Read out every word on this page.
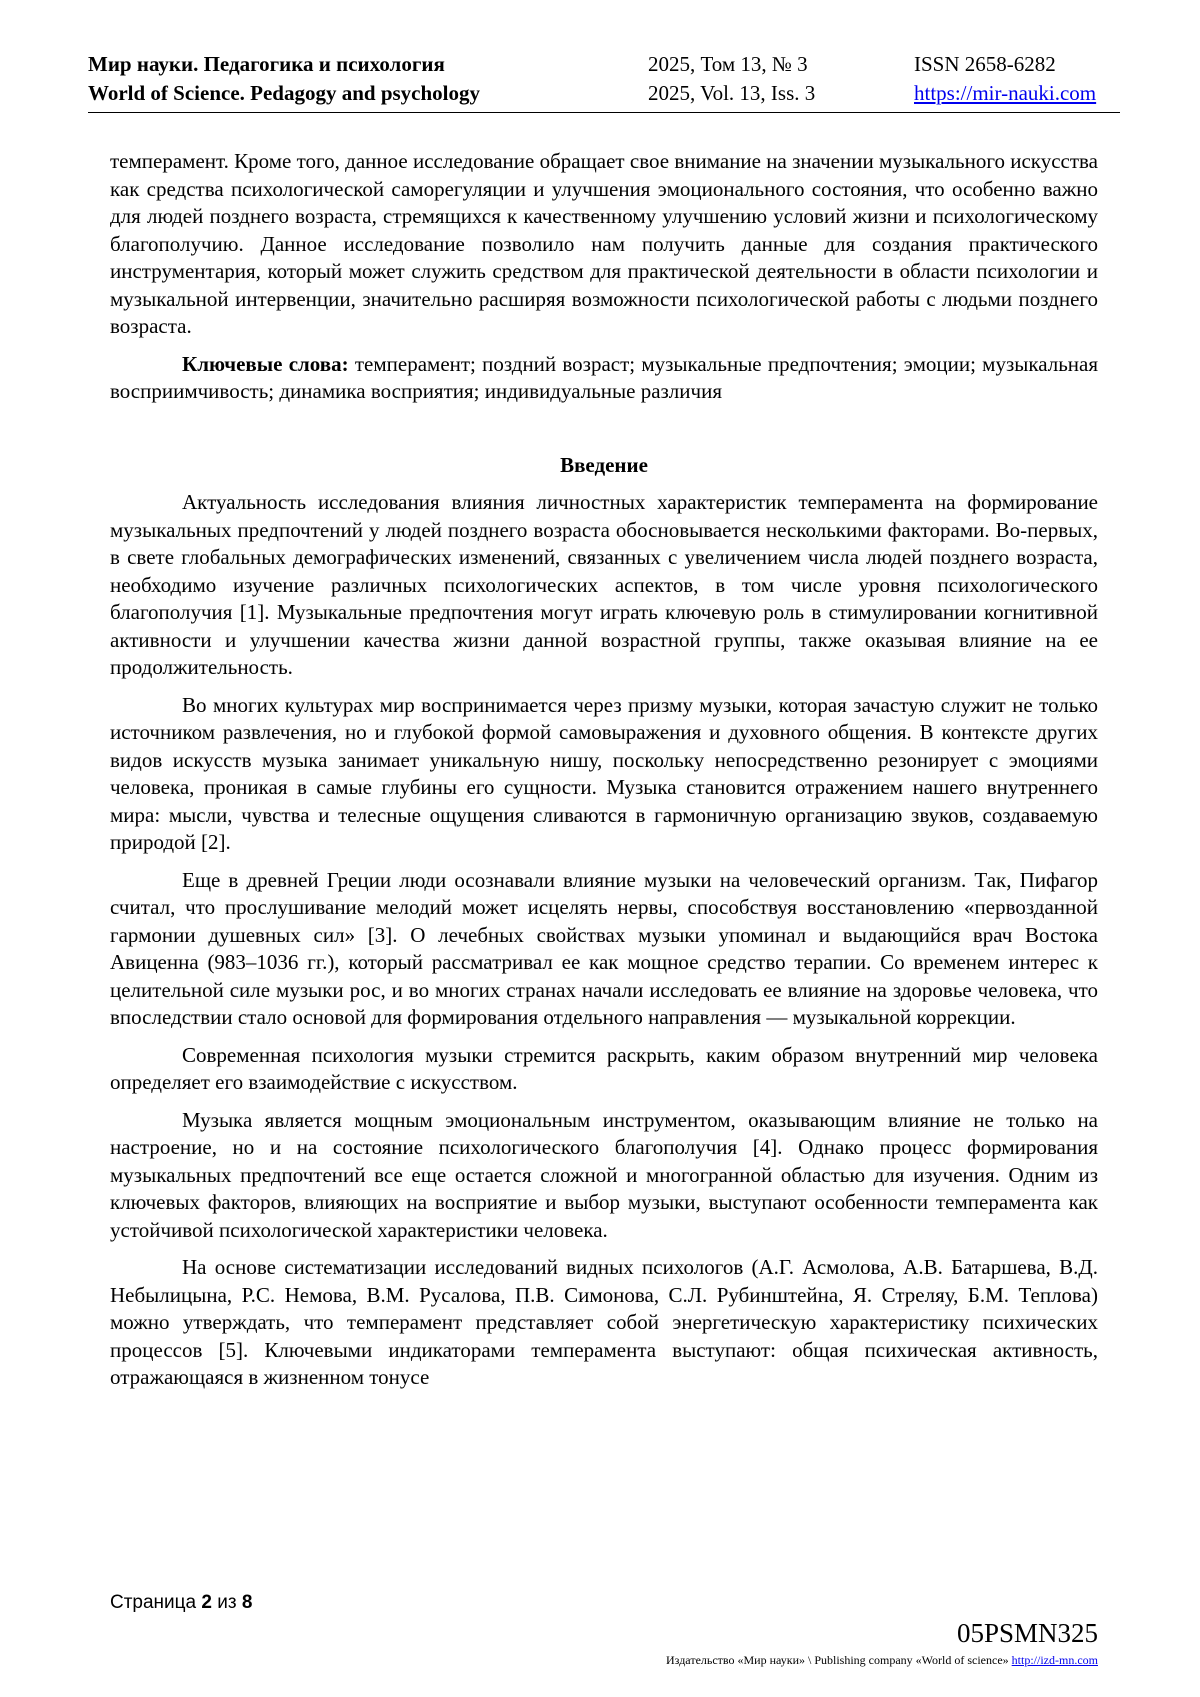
Мир науки. Педагогика и психология
World of Science. Pedagogy and psychology
2025, Том 13, № 3
2025, Vol. 13, Iss. 3
ISSN 2658-6282
https://mir-nauki.com

темперамент. Кроме того, данное исследование обращает свое внимание на значении музыкального искусства как средства психологической саморегуляции и улучшения эмоционального состояния, что особенно важно для людей позднего возраста, стремящихся к качественному улучшению условий жизни и психологическому благополучию. Данное исследование позволило нам получить данные для создания практического инструментария, который может служить средством для практической деятельности в области психологии и музыкальной интервенции, значительно расширяя возможности психологической работы с людьми позднего возраста.

Ключевые слова: темперамент; поздний возраст; музыкальные предпочтения; эмоции; музыкальная восприимчивость; динамика восприятия; индивидуальные различия

Введение

Актуальность исследования влияния личностных характеристик темперамента на формирование музыкальных предпочтений у людей позднего возраста обосновывается несколькими факторами. Во-первых, в свете глобальных демографических изменений, связанных с увеличением числа людей позднего возраста, необходимо изучение различных психологических аспектов, в том числе уровня психологического благополучия [1]. Музыкальные предпочтения могут играть ключевую роль в стимулировании когнитивной активности и улучшении качества жизни данной возрастной группы, также оказывая влияние на ее продолжительность.

Во многих культурах мир воспринимается через призму музыки, которая зачастую служит не только источником развлечения, но и глубокой формой самовыражения и духовного общения. В контексте других видов искусств музыка занимает уникальную нишу, поскольку непосредственно резонирует с эмоциями человека, проникая в самые глубины его сущности. Музыка становится отражением нашего внутреннего мира: мысли, чувства и телесные ощущения сливаются в гармоничную организацию звуков, создаваемую природой [2].

Еще в древней Греции люди осознавали влияние музыки на человеческий организм. Так, Пифагор считал, что прослушивание мелодий может исцелять нервы, способствуя восстановлению «первозданной гармонии душевных сил» [3]. О лечебных свойствах музыки упоминал и выдающийся врач Востока Авиценна (983–1036 гг.), который рассматривал ее как мощное средство терапии. Со временем интерес к целительной силе музыки рос, и во многих странах начали исследовать ее влияние на здоровье человека, что впоследствии стало основой для формирования отдельного направления — музыкальной коррекции.

Современная психология музыки стремится раскрыть, каким образом внутренний мир человека определяет его взаимодействие с искусством.

Музыка является мощным эмоциональным инструментом, оказывающим влияние не только на настроение, но и на состояние психологического благополучия [4]. Однако процесс формирования музыкальных предпочтений все еще остается сложной и многогранной областью для изучения. Одним из ключевых факторов, влияющих на восприятие и выбор музыки, выступают особенности темперамента как устойчивой психологической характеристики человека.

На основе систематизации исследований видных психологов (А.Г. Асмолова, А.В. Батаршева, В.Д. Небылицына, Р.С. Немова, В.М. Русалова, П.В. Симонова, С.Л. Рубинштейна, Я. Стреляу, Б.М. Теплова) можно утверждать, что темперамент представляет собой энергетическую характеристику психических процессов [5]. Ключевыми индикаторами темперамента выступают: общая психическая активность, отражающаяся в жизненном тонусе

Страница 2 из 8
05PSMN325
Издательство «Мир науки» \ Publishing company «World of science» http://izd-mn.com
